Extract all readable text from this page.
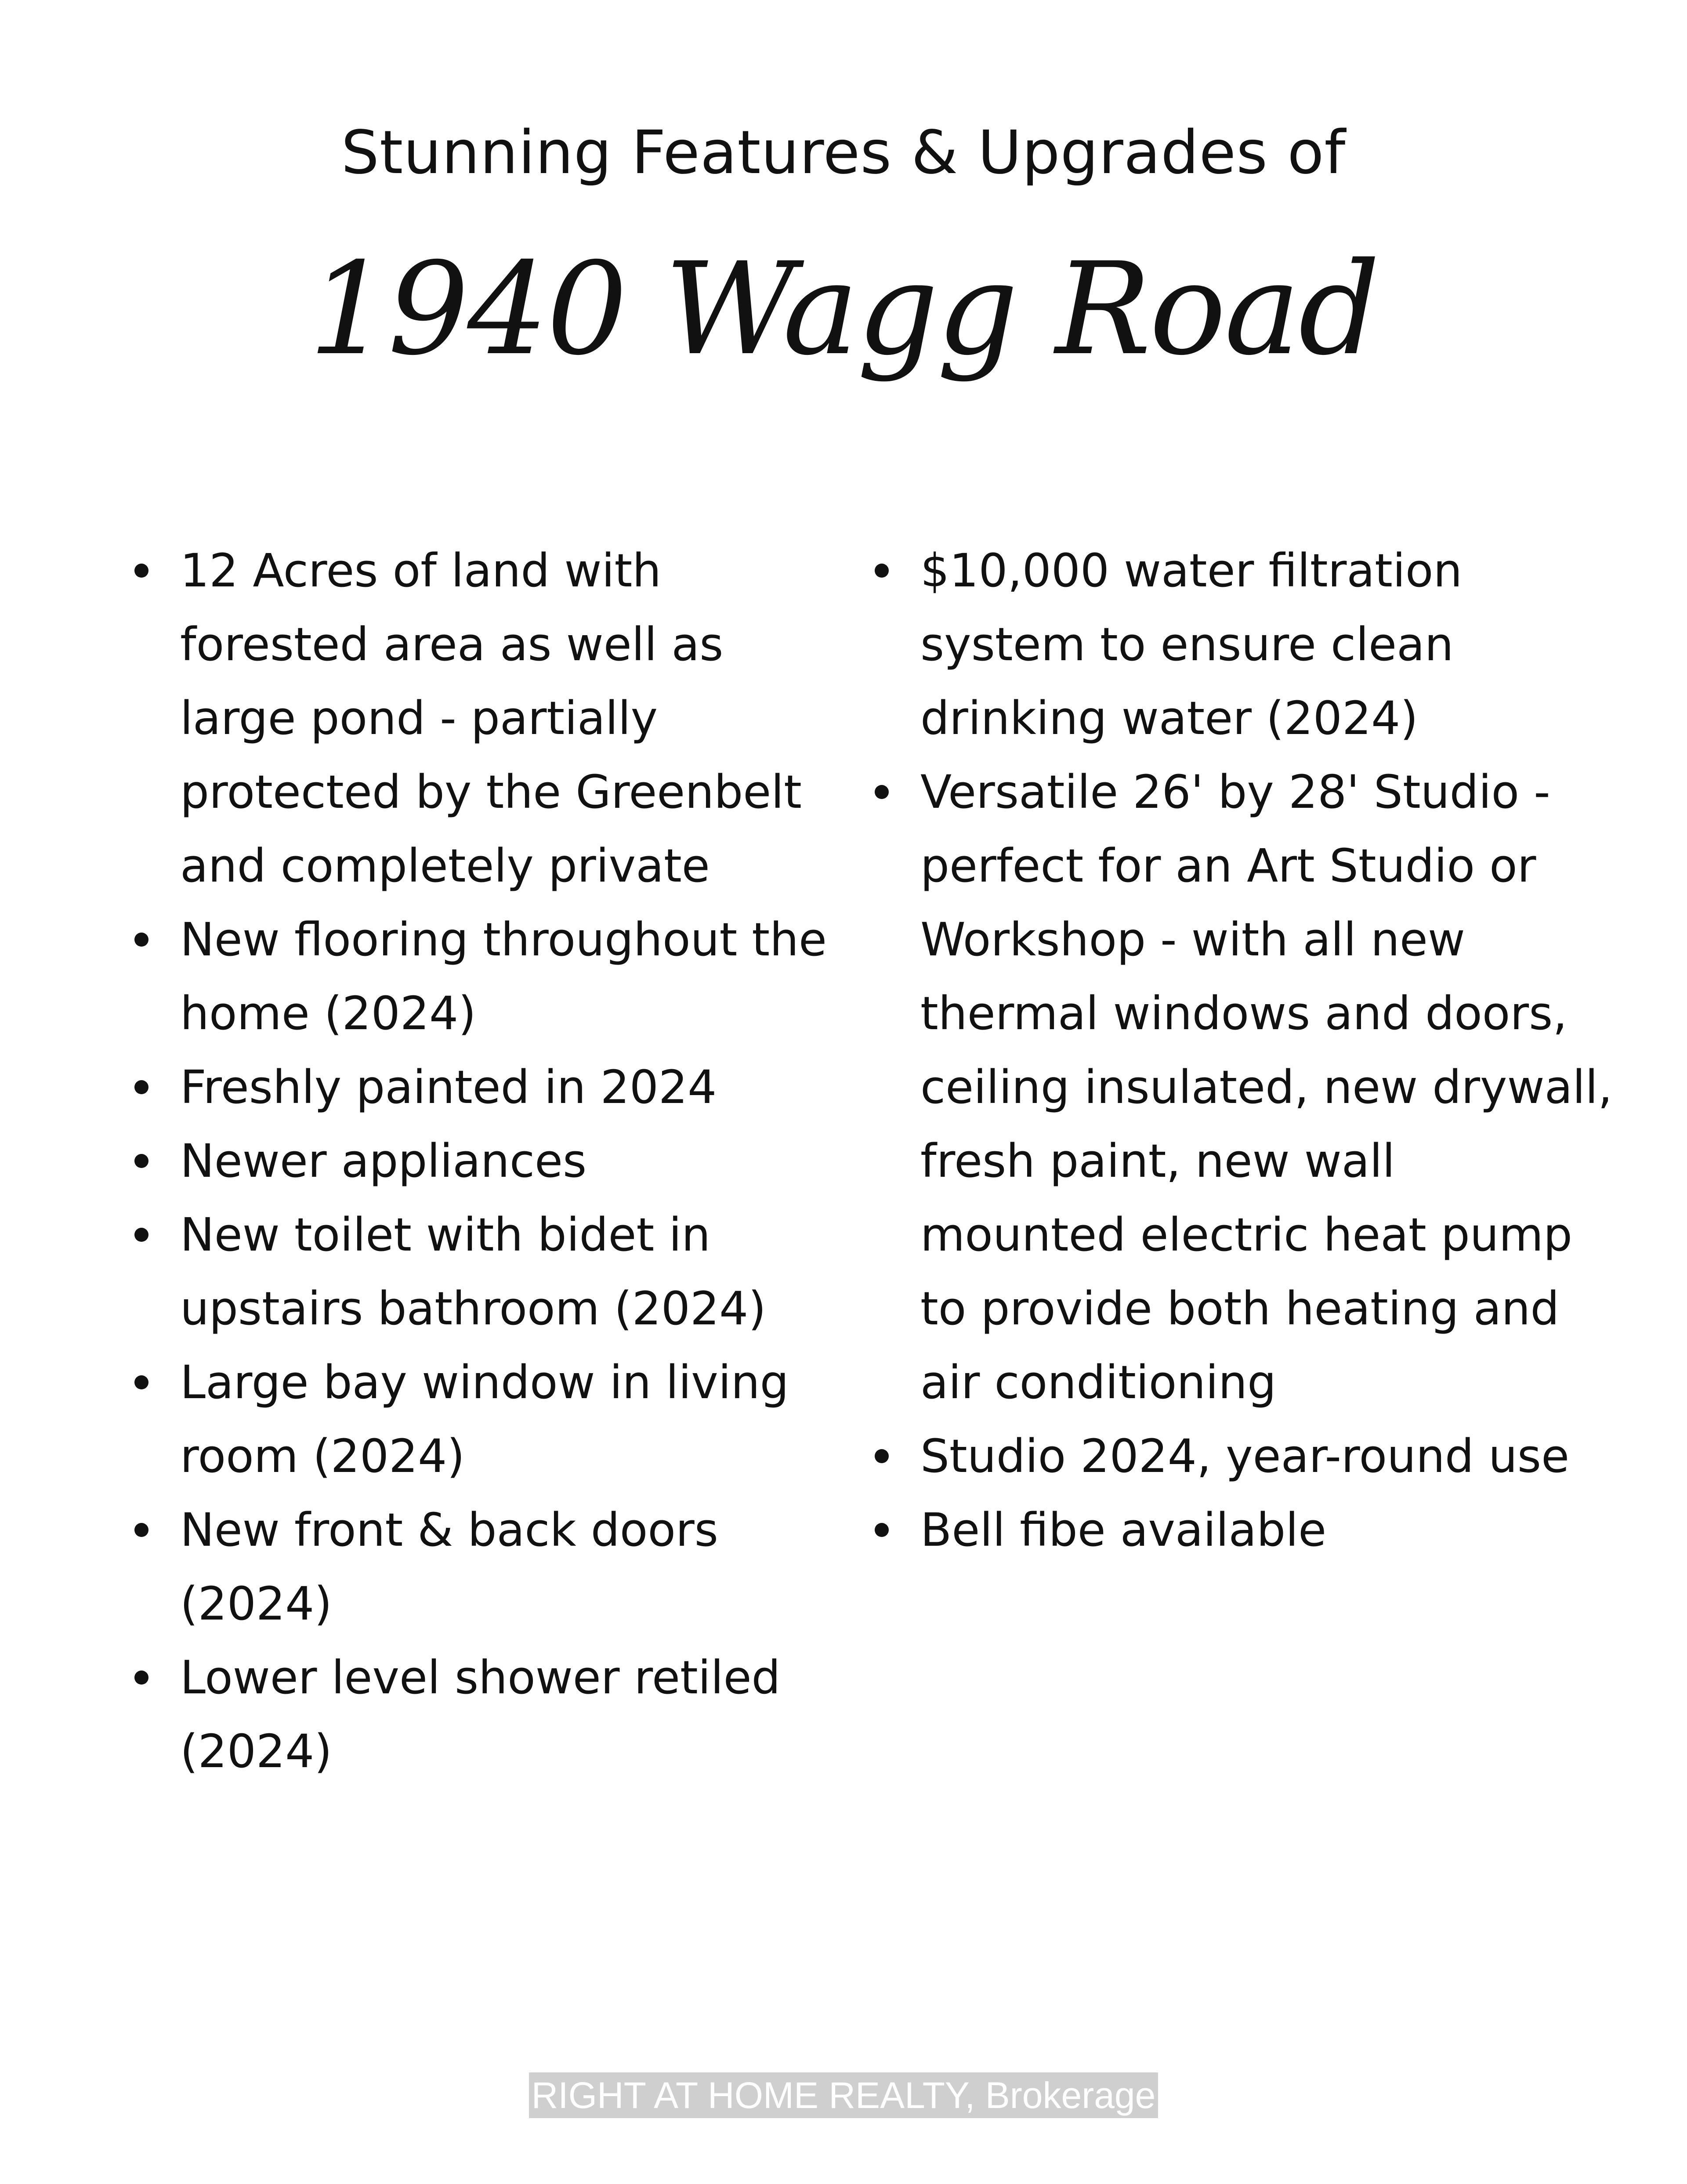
Stunning Features & Upgrades of
1940 Wagg Road
12 Acres of land with forested area as well as large pond - partially protected by the Greenbelt and completely private
New flooring throughout the home (2024)
Freshly painted in 2024
Newer appliances
New toilet with bidet in upstairs bathroom (2024)
Large bay window in living room (2024)
New front & back doors (2024)
Lower level shower retiled (2024)
$10,000 water filtration system to ensure clean drinking water (2024)
Versatile 26' by 28' Studio - perfect for an Art Studio or Workshop - with all new thermal windows and doors, ceiling insulated, new drywall, fresh paint, new wall mounted electric heat pump to provide both heating and air conditioning
Studio 2024, year-round use
Bell fibe available
RIGHT AT HOME REALTY, Brokerage
